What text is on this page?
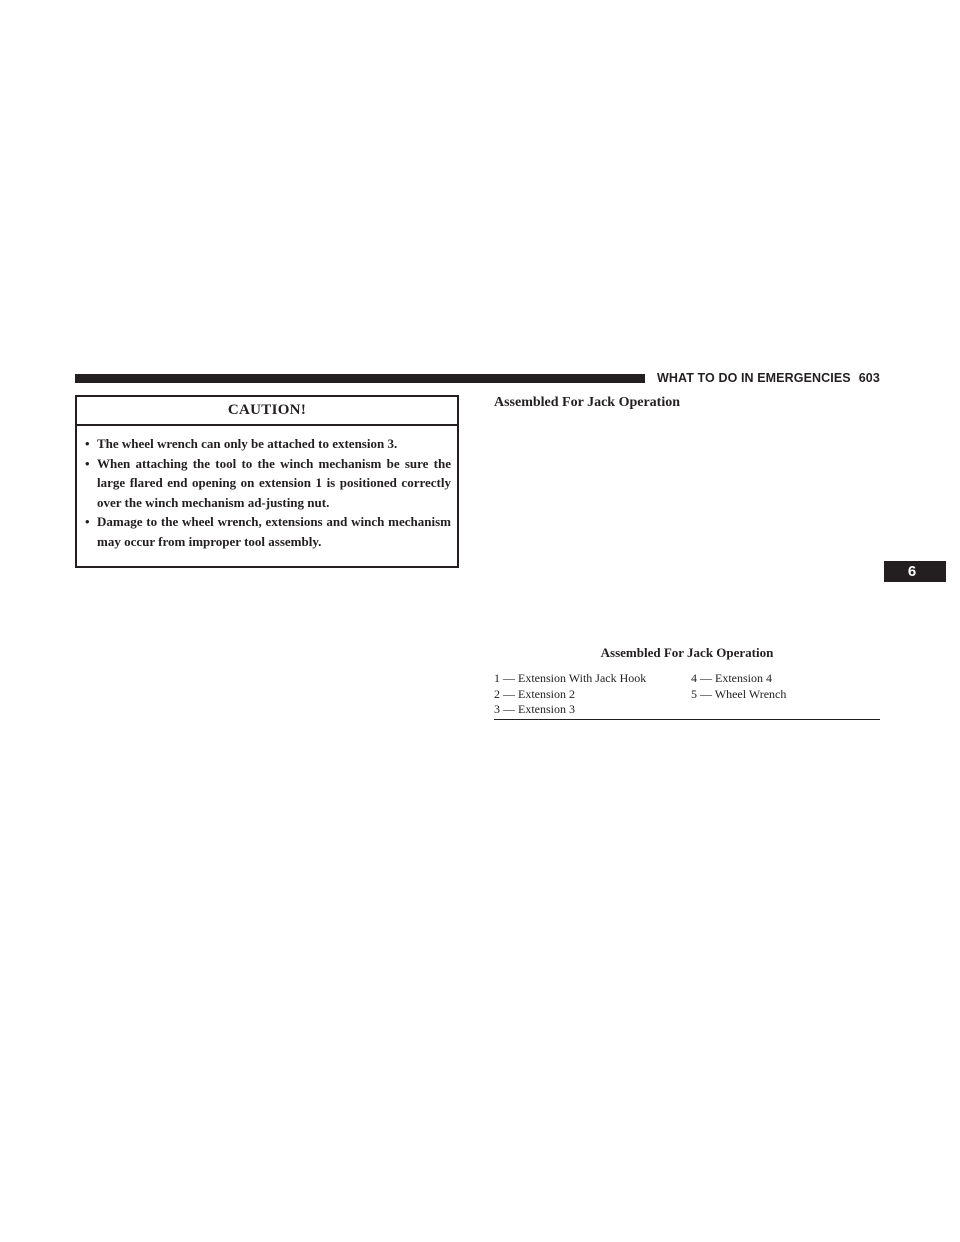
WHAT TO DO IN EMERGENCIES 603
CAUTION!
• The wheel wrench can only be attached to extension 3.
• When attaching the tool to the winch mechanism be sure the large flared end opening on extension 1 is positioned correctly over the winch mechanism ad-justing nut.
• Damage to the wheel wrench, extensions and winch mechanism may occur from improper tool assembly.
Assembled For Jack Operation
Assembled For Jack Operation
1 — Extension With Jack Hook
2 — Extension 2
3 — Extension 3
4 — Extension 4
5 — Wheel Wrench
6
